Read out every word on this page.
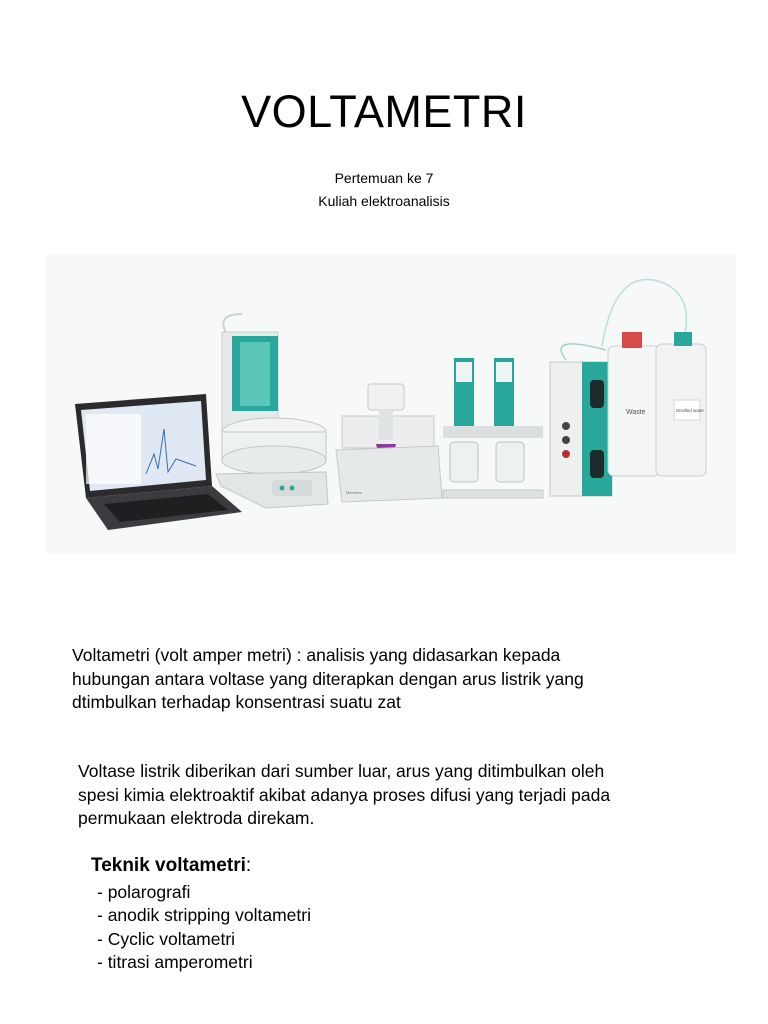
VOLTAMETRI
Pertemuan ke 7
Kuliah elektroanalisis
Waste	Distilled water
Metrohm
Voltametri (volt amper metri) : analisis yang didasarkan kepada
hubungan antara voltase yang diterapkan dengan arus listrik yang
dtimbulkan terhadap konsentrasi suatu zat
Voltase listrik diberikan dari sumber luar, arus yang ditimbulkan oleh
spesi kimia elektroaktif akibat adanya proses difusi yang terjadi pada
permukaan elektroda direkam.
Teknik voltametri:
- polarografi
- anodik stripping voltametri
- Cyclic voltametri
- titrasi amperometri
